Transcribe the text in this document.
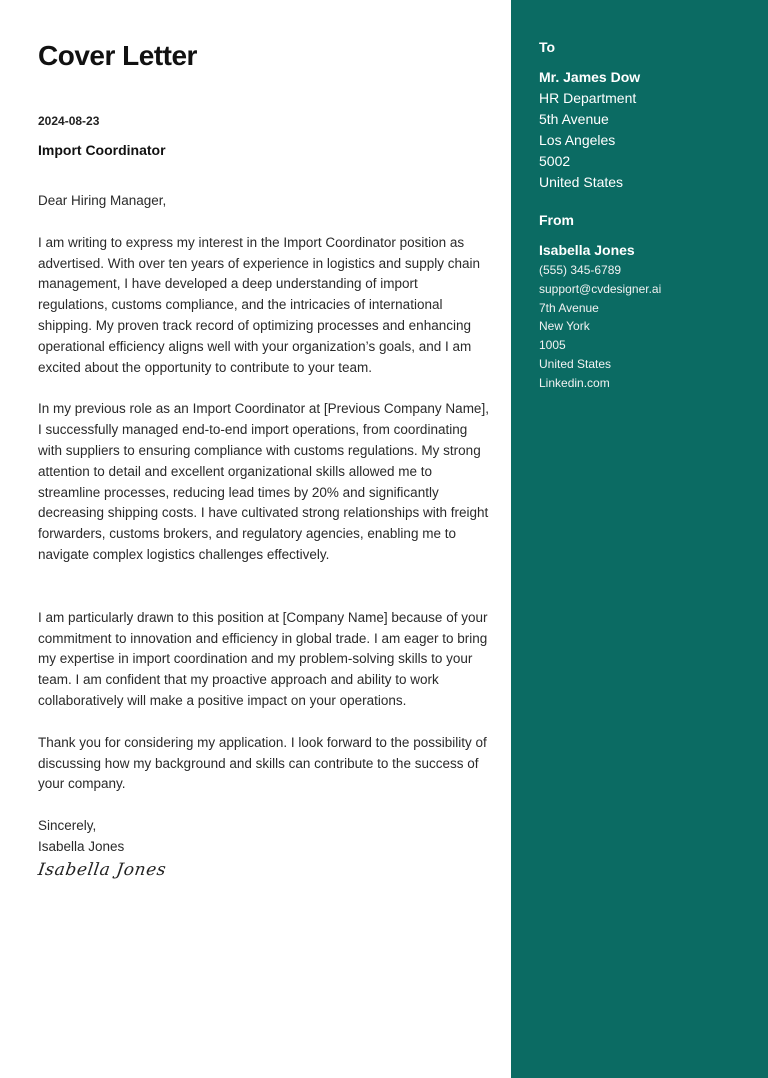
Cover Letter
2024-08-23
Import Coordinator

Dear Hiring Manager,

I am writing to express my interest in the Import Coordinator position as advertised. With over ten years of experience in logistics and supply chain management, I have developed a deep understanding of import regulations, customs compliance, and the intricacies of international shipping. My proven track record of optimizing processes and enhancing operational efficiency aligns well with your organization’s goals, and I am excited about the opportunity to contribute to your team.

In my previous role as an Import Coordinator at [Previous Company Name], I successfully managed end-to-end import operations, from coordinating with suppliers to ensuring compliance with customs regulations. My strong attention to detail and excellent organizational skills allowed me to streamline processes, reducing lead times by 20% and significantly decreasing shipping costs. I have cultivated strong relationships with freight forwarders, customs brokers, and regulatory agencies, enabling me to navigate complex logistics challenges effectively.

I am particularly drawn to this position at [Company Name] because of your commitment to innovation and efficiency in global trade. I am eager to bring my expertise in import coordination and my problem-solving skills to your team. I am confident that my proactive approach and ability to work collaboratively will make a positive impact on your operations.

Thank you for considering my application. I look forward to the possibility of discussing how my background and skills can contribute to the success of your company.

Sincerely,
Isabella Jones
Isabella Jones
To
Mr. James Dow
HR Department
5th Avenue
Los Angeles
5002
United States
From
Isabella Jones
(555) 345-6789
support@cvdesigner.ai
7th Avenue
New York
1005
United States
Linkedin.com
